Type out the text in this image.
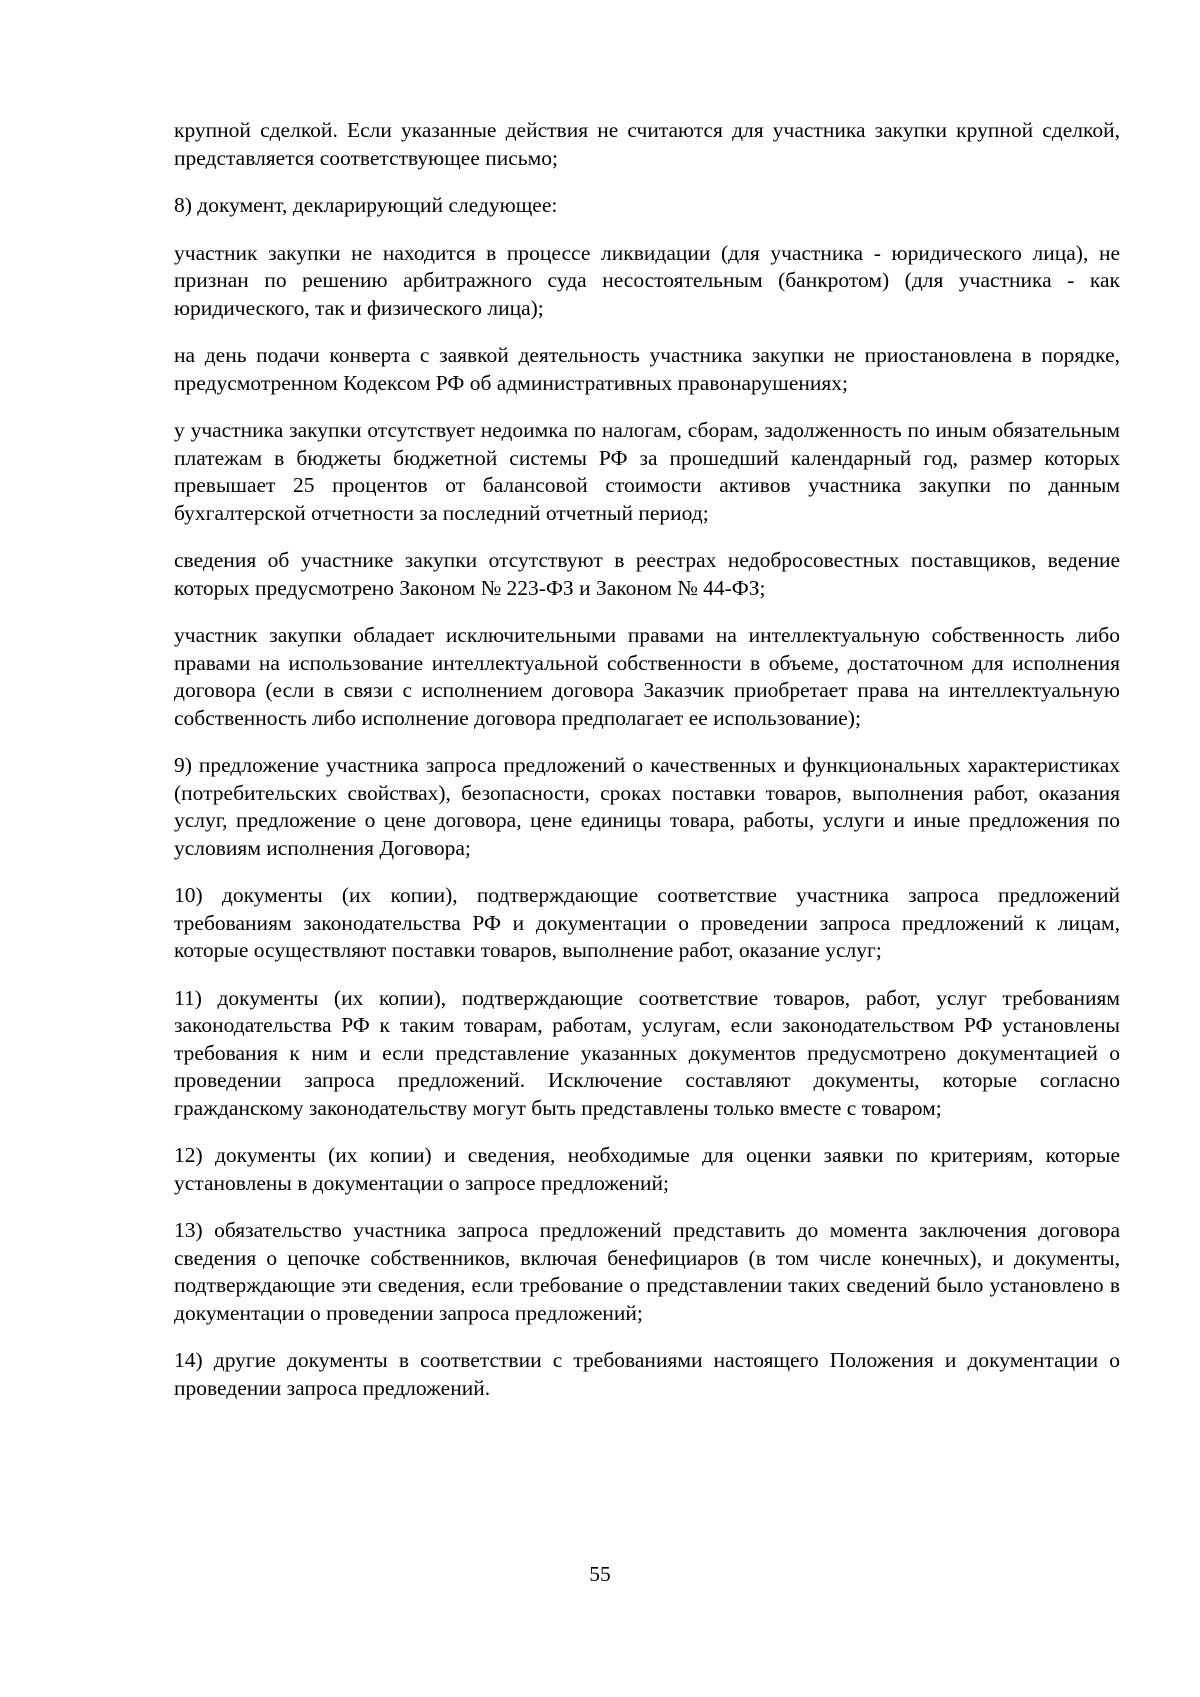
крупной сделкой. Если указанные действия не считаются для участника закупки крупной сделкой, представляется соответствующее письмо;

8) документ, декларирующий следующее:

участник закупки не находится в процессе ликвидации (для участника - юридического лица), не признан по решению арбитражного суда несостоятельным (банкротом) (для участника - как юридического, так и физического лица);

на день подачи конверта с заявкой деятельность участника закупки не приостановлена в порядке, предусмотренном Кодексом РФ об административных правонарушениях;

у участника закупки отсутствует недоимка по налогам, сборам, задолженность по иным обязательным платежам в бюджеты бюджетной системы РФ за прошедший календарный год, размер которых превышает 25 процентов от балансовой стоимости активов участника закупки по данным бухгалтерской отчетности за последний отчетный период;

сведения об участнике закупки отсутствуют в реестрах недобросовестных поставщиков, ведение которых предусмотрено Законом № 223-ФЗ и Законом № 44-ФЗ;

участник закупки обладает исключительными правами на интеллектуальную собственность либо правами на использование интеллектуальной собственности в объеме, достаточном для исполнения договора (если в связи с исполнением договора Заказчик приобретает права на интеллектуальную собственность либо исполнение договора предполагает ее использование);

9) предложение участника запроса предложений о качественных и функциональных характеристиках (потребительских свойствах), безопасности, сроках поставки товаров, выполнения работ, оказания услуг, предложение о цене договора, цене единицы товара, работы, услуги и иные предложения по условиям исполнения Договора;

10) документы (их копии), подтверждающие соответствие участника запроса предложений требованиям законодательства РФ и документации о проведении запроса предложений к лицам, которые осуществляют поставки товаров, выполнение работ, оказание услуг;

11) документы (их копии), подтверждающие соответствие товаров, работ, услуг требованиям законодательства РФ к таким товарам, работам, услугам, если законодательством РФ установлены требования к ним и если представление указанных документов предусмотрено документацией о проведении запроса предложений. Исключение составляют документы, которые согласно гражданскому законодательству могут быть представлены только вместе с товаром;

12) документы (их копии) и сведения, необходимые для оценки заявки по критериям, которые установлены в документации о запросе предложений;

13) обязательство участника запроса предложений представить до момента заключения договора сведения о цепочке собственников, включая бенефициаров (в том числе конечных), и документы, подтверждающие эти сведения, если требование о представлении таких сведений было установлено в документации о проведении запроса предложений;

14) другие документы в соответствии с требованиями настоящего Положения и документации о проведении запроса предложений.

55
